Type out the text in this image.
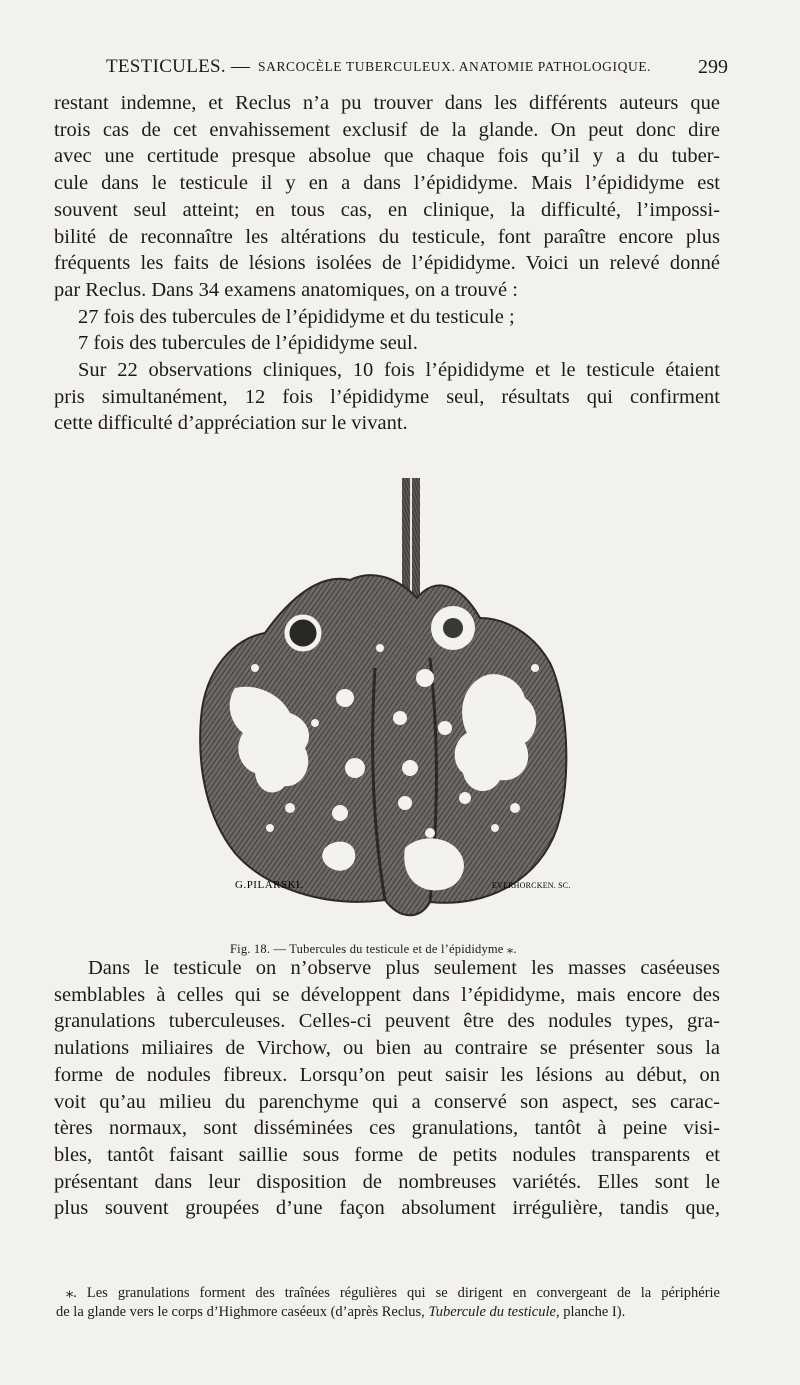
TESTICULES. — SARCOCÈLE TUBERCULEUX. ANATOMIE PATHOLOGIQUE. 299
restant indemne, et Reclus n’a pu trouver dans les différents auteurs que
trois cas de cet envahissement exclusif de la glande. On peut donc dire
avec une certitude presque absolue que chaque fois qu’il y a du tuber-
cule dans le testicule il y en a dans l’épididyme. Mais l’épididyme est
souvent seul atteint; en tous cas, en clinique, la difficulté, l’impossi-
bilité de reconnaître les altérations du testicule, font paraître encore plus
fréquents les faits de lésions isolées de l’épididyme. Voici un relevé donné
par Reclus. Dans 34 examens anatomiques, on a trouvé :
27 fois des tubercules de l’épididyme et du testicule ;
7 fois des tubercules de l’épididyme seul.
Sur 22 observations cliniques, 10 fois l’épididyme et le testicule étaient
pris simultanément, 12 fois l’épididyme seul, résultats qui confirment
cette difficulté d’appréciation sur le vivant.
G.PILARSKI.	EVERHORCKEN. SC.
Fig. 18. — Tubercules du testicule et de l’épididyme ⁎.
Dans le testicule on n’observe plus seulement les masses caséeuses
semblables à celles qui se développent dans l’épididyme, mais encore des
granulations tuberculeuses. Celles-ci peuvent être des nodules types, gra-
nulations miliaires de Virchow, ou bien au contraire se présenter sous la
forme de nodules fibreux. Lorsqu’on peut saisir les lésions au début, on
voit qu’au milieu du parenchyme qui a conservé son aspect, ses carac-
tères normaux, sont disséminées ces granulations, tantôt à peine visi-
bles, tantôt faisant saillie sous forme de petits nodules transparents et
présentant dans leur disposition de nombreuses variétés. Elles sont le
plus souvent groupées d’une façon absolument irrégulière, tandis que,
⁎. Les granulations forment des traînées régulières qui se dirigent en convergeant de la périphérie
de la glande vers le corps d’Highmore caséeux (d’après Reclus, Tubercule du testicule, planche I).
